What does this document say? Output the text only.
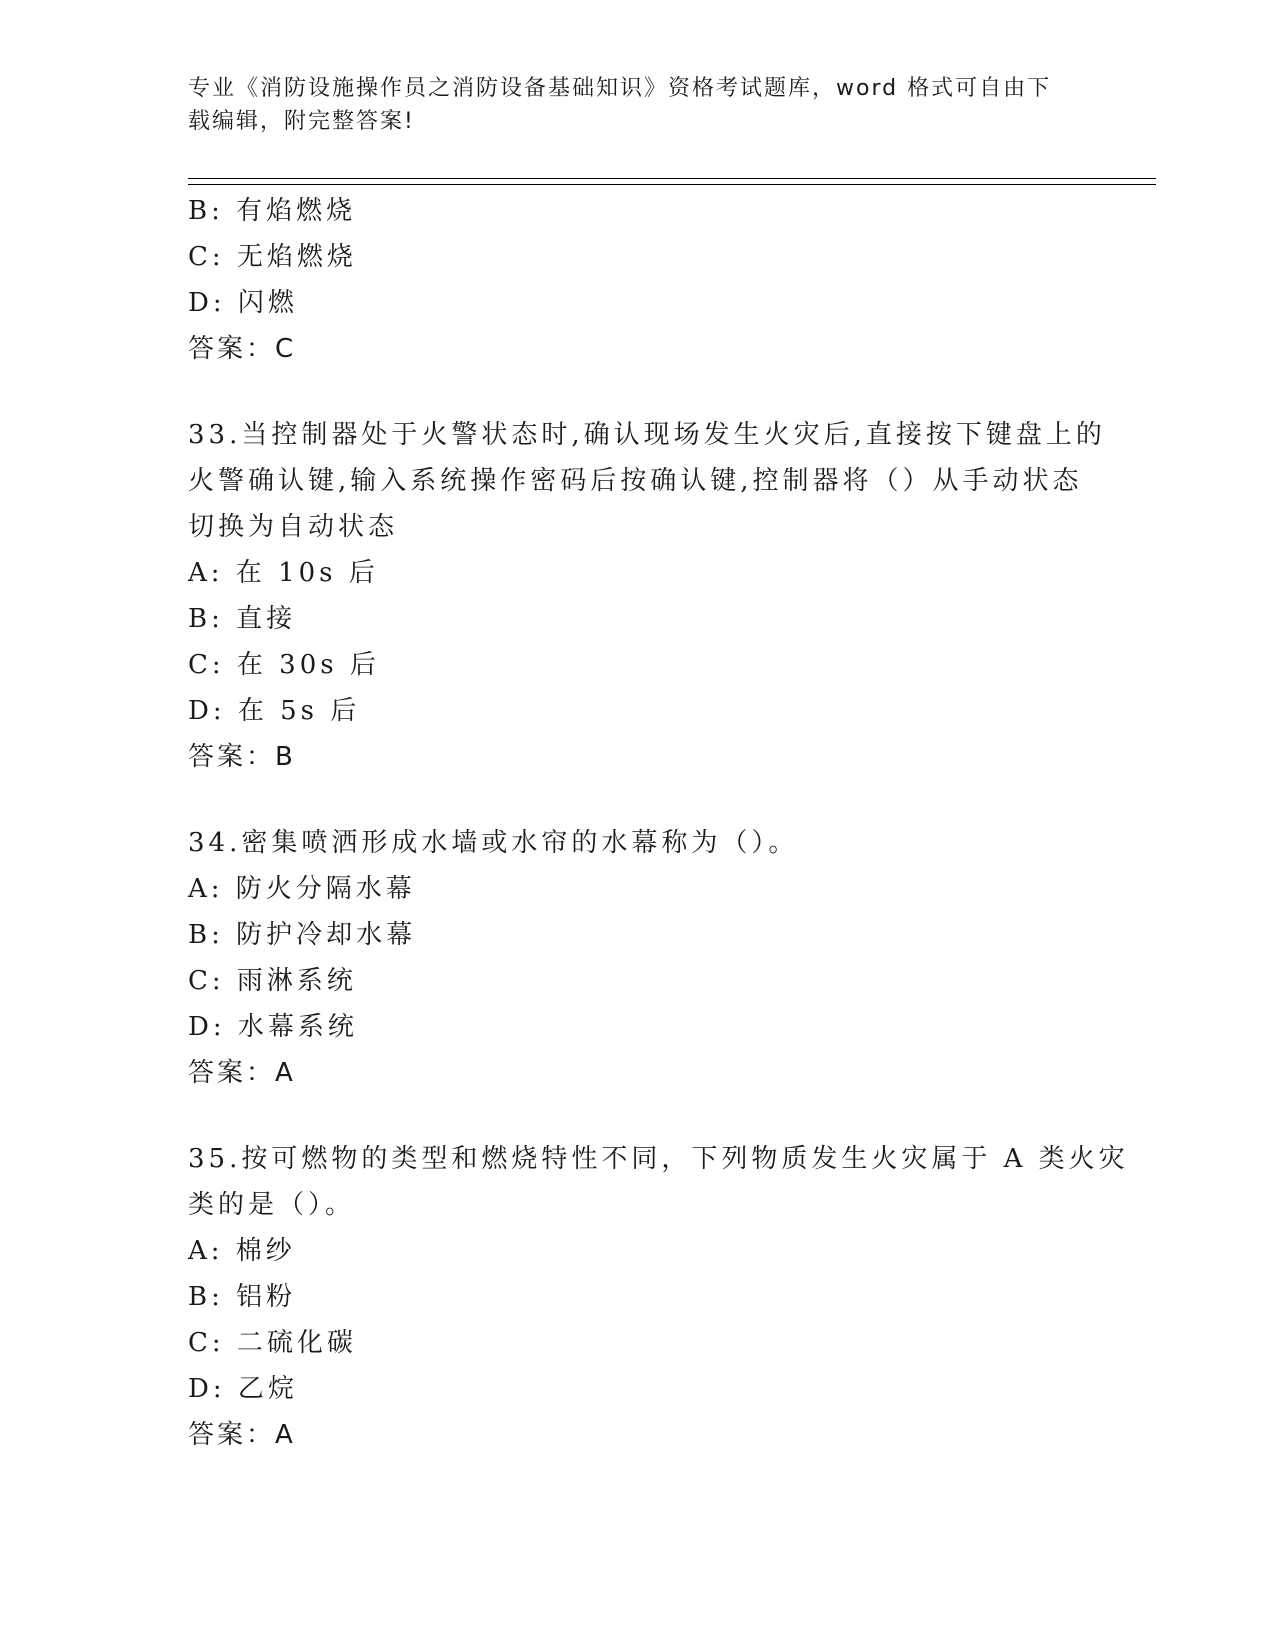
专业《消防设施操作员之消防设备基础知识》资格考试题库，word 格式可自由下
载编辑，附完整答案!
B: 有焰燃烧
C: 无焰燃烧
D: 闪燃
答案：C
33.当控制器处于火警状态时,确认现场发生火灾后,直接按下键盘上的
火警确认键,输入系统操作密码后按确认键,控制器将（）从手动状态
切换为自动状态
A: 在 10s 后
B: 直接
C: 在 30s 后
D: 在 5s 后
答案：B
34.密集喷洒形成水墙或水帘的水幕称为（）。
A: 防火分隔水幕
B: 防护冷却水幕
C: 雨淋系统
D: 水幕系统
答案：A
35.按可燃物的类型和燃烧特性不同，下列物质发生火灾属于 A 类火灾
类的是（）。
A: 棉纱
B: 铝粉
C: 二硫化碳
D: 乙烷
答案：A
